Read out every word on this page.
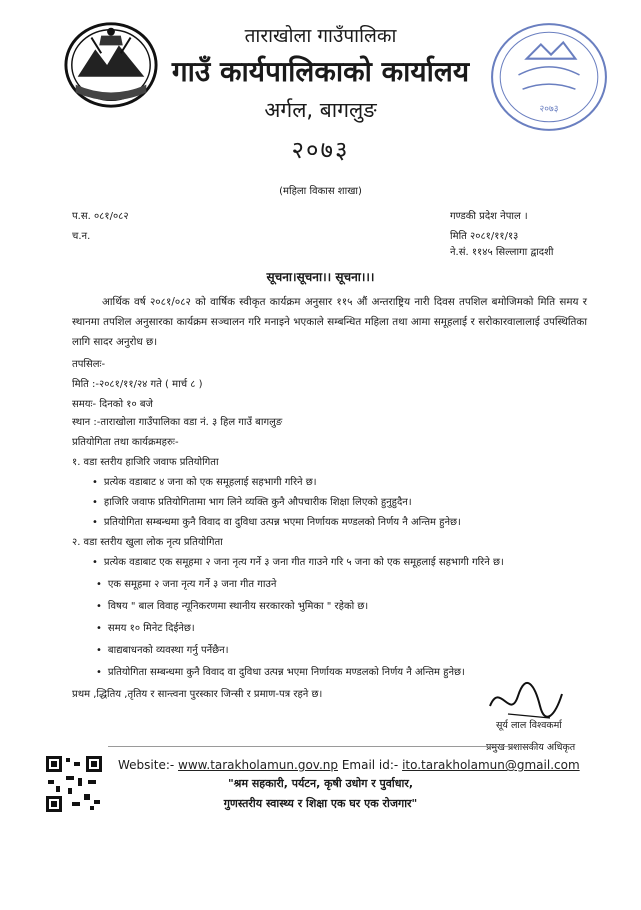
२०७३
ताराखोला गाउँपालिका
गाउँ कार्यपालिकाको कार्यालय
अर्गल, बागलुङ
२०७३
(महिला विकास शाखा)
प.स. ०८१/०८२
च.न.
गण्डकी प्रदेश नेपाल ।
मिति २०८१/११/१३
ने.सं. ११४५ सिल्लागा द्वादशी
सूचना।सूचना।। सूचना।।।
आर्थिक वर्ष २०८१/०८२ को वार्षिक स्वीकृत कार्यक्रम अनुसार ११५ औं अन्तराष्ट्रिय नारी दिवस तपशिल बमोजिमको मिति समय र स्थानमा तपशिल अनुसारका कार्यक्रम सञ्चालन गरि मनाइने भएकाले सम्बन्धित महिला तथा आमा समूहलाई र सरोकारवालालाई उपस्थितिका लागि सादर अनुरोध छ।
तपसिलः-
मिति :-२०८१/११/२४ गते ( मार्च ८ )
समयः- दिनको १० बजे
स्थान :-ताराखोला गाउँपालिका वडा नं. ३ हिल गाउँ बागलुङ
प्रतियोगिता तथा कार्यक्रमहरुः-
१. वडा स्तरीय हाजिरि जवाफ प्रतियोगिता
• प्रत्येक वडाबाट ४ जना को एक समूहलाई सहभागी गरिने छ।
• हाजिरि जवाफ प्रतियोगितामा भाग लिने व्यक्ति कुनै औपचारीक शिक्षा लिएको हुनुहुदैन।
• प्रतियोगिता सम्बन्धमा कुनै विवाद वा दुविधा उत्पन्न भएमा निर्णायक मण्डलको निर्णय नै अन्तिम हुनेछ।
२. वडा स्तरीय खुला लोक नृत्य प्रतियोगिता
• प्रत्येक वडाबाट एक समूहमा २ जना नृत्य गर्ने ३ जना गीत गाउने गरि ५ जना को एक समूहलाई सहभागी गरिने छ।
• एक समूहमा २ जना नृत्य गर्ने ३ जना गीत गाउने
• विषय " बाल विवाह न्यूनिकरणमा स्थानीय सरकारको भुमिका " रहेको छ।
• समय १० मिनेट दिईनेछ।
• बाद्यबाधनको व्यवस्था गर्नु पर्नेछैन।
• प्रतियोगिता सम्बन्धमा कुनै विवाद वा दुविधा उत्पन्न भएमा निर्णायक मण्डलको निर्णय नै अन्तिम हुनेछ।
प्रथम ,द्धितिय ,तृतिय र सान्त्वना पुरस्कार जिन्सी र प्रमाण-पत्र रहने छ।
सूर्य लाल विश्वकर्मा
प्रमुख प्रशासकीय अधिकृत
Website:- www.tarakholamun.gov.np Email id:- ito.tarakholamun@gmail.com
"श्रम सहकारी, पर्यटन, कृषी उधोग र पुर्वाधार,
गुणस्तरीय स्वास्थ्य र शिक्षा एक घर एक रोजगार"
